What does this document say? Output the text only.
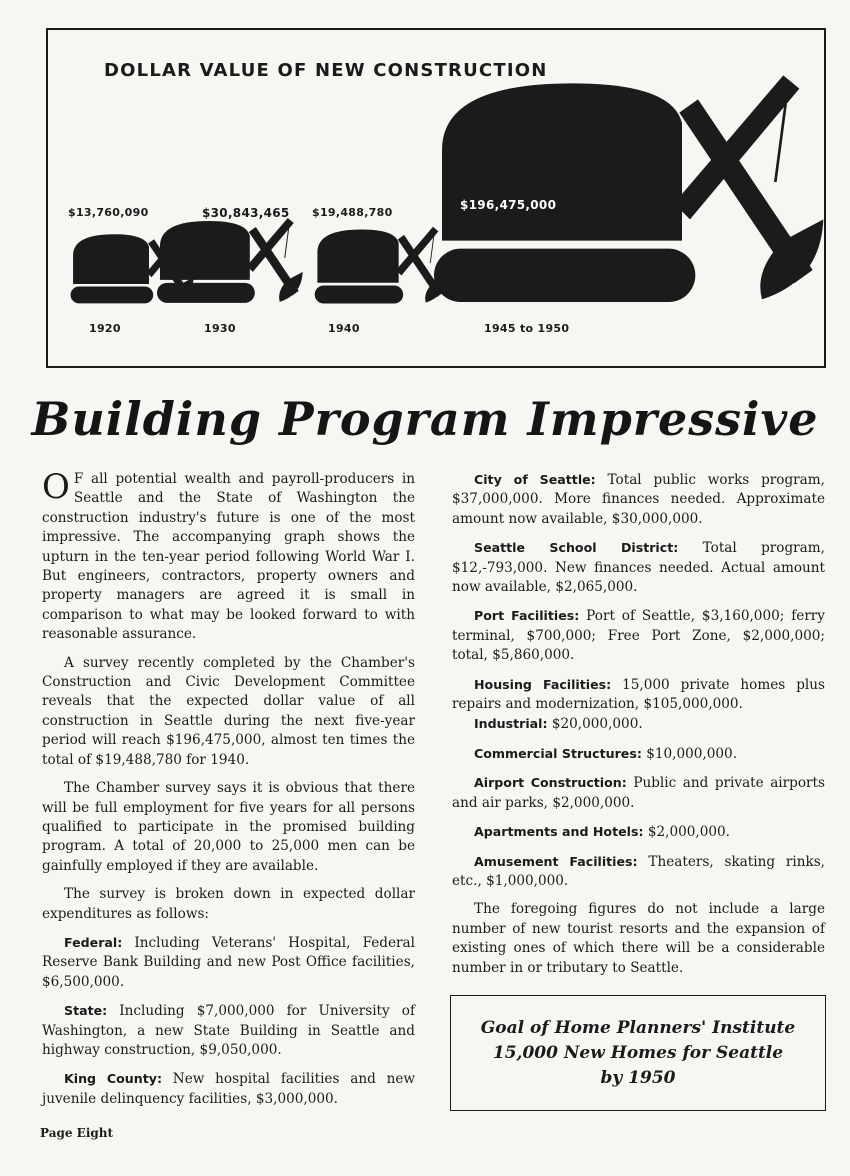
DOLLAR VALUE OF NEW CONSTRUCTION
$13,760,090	$30,843,465 $19,488,780
$196,475,000
1920	1930	1940	1945 to 1950
Building Program Impressive

O F all potential wealth and payroll-producers in Seattle and the State of Washington the construction industry's future is one of the most impressive. The accompanying graph shows the upturn in the ten-year period following World War I. But engineers, contractors, property owners and property managers are agreed it is small in comparison to what may be looked forward to with reasonable assurance.

A survey recently completed by the Chamber's Construction and Civic Development Committee reveals that the expected dollar value of all construction in Seattle during the next five-year period will reach $196,475,000, almost ten times the total of $19,488,780 for 1940.

The Chamber survey says it is obvious that there will be full employment for five years for all persons qualified to participate in the promised building program. A total of 20,000 to 25,000 men can be gainfully employed if they are available.

The survey is broken down in expected dollar expenditures as follows:

Federal: Including Veterans' Hospital, Federal Reserve Bank Building and new Post Office facilities, $6,500,000.

State: Including $7,000,000 for University of Washington, a new State Building in Seattle and highway construction, $9,050,000.

King County: New hospital facilities and new juvenile delinquency facilities, $3,000,000.

City of Seattle: Total public works program, $37,000,000. More finances needed. Approximate amount now available, $30,000,000.

Seattle School District: Total program, $12,-793,000. New finances needed. Actual amount now available, $2,065,000.

Port Facilities: Port of Seattle, $3,160,000; ferry terminal, $700,000; Free Port Zone, $2,000,000; total, $5,860,000.

Housing Facilities: 15,000 private homes plus repairs and modernization, $105,000,000.

Industrial: $20,000,000.

Commercial Structures: $10,000,000.

Airport Construction: Public and private airports and air parks, $2,000,000.

Apartments and Hotels: $2,000,000.

Amusement Facilities: Theaters, skating rinks, etc., $1,000,000.

The foregoing figures do not include a large number of new tourist resorts and the expansion of existing ones of which there will be a considerable number in or tributary to Seattle.

Goal of Home Planners' Institute
15,000 New Homes for Seattle
by 1950
Page Eight
